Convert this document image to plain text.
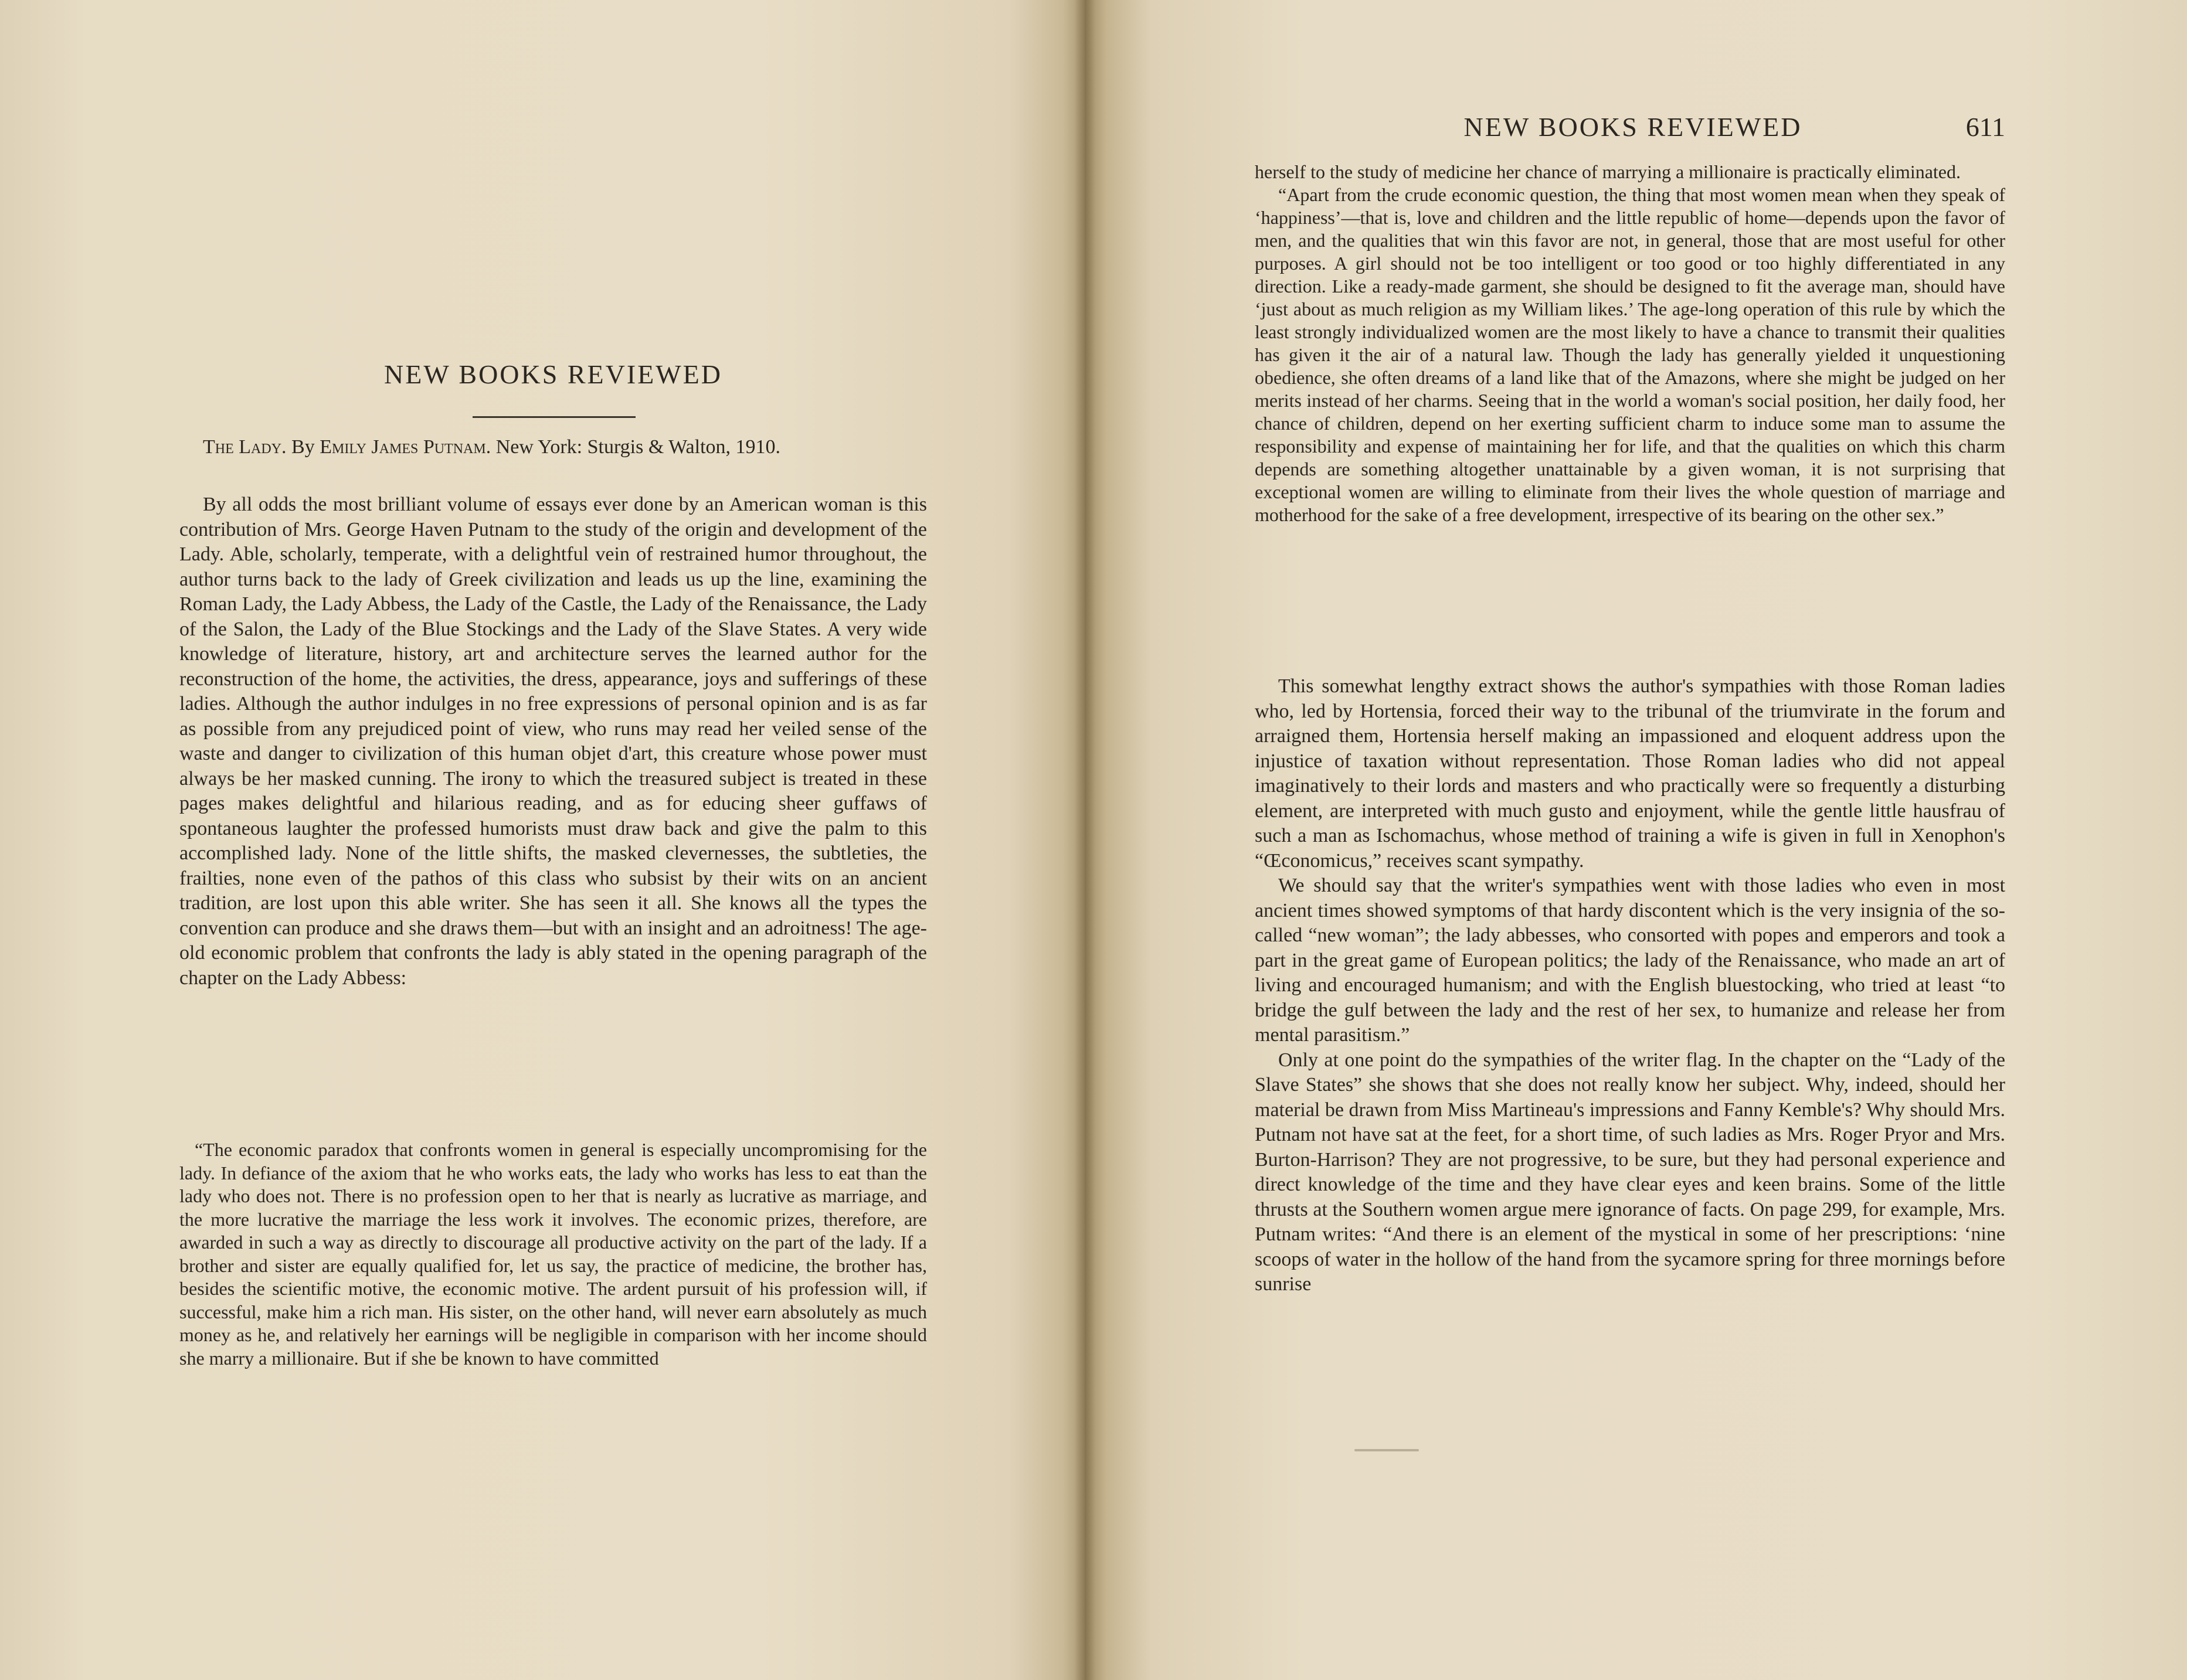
NEW BOOKS REVIEWED

The Lady. By Emily James Putnam. New York: Sturgis & Walton, 1910.

By all odds the most brilliant volume of essays ever done by an American woman is this contribution of Mrs. George Haven Putnam to the study of the origin and development of the Lady. Able, scholarly, temperate, with a delightful vein of restrained humor throughout, the author turns back to the lady of Greek civilization and leads us up the line, examining the Roman Lady, the Lady Abbess, the Lady of the Castle, the Lady of the Renaissance, the Lady of the Salon, the Lady of the Blue Stockings and the Lady of the Slave States. A very wide knowledge of literature, history, art and architecture serves the learned author for the reconstruction of the home, the activities, the dress, appearance, joys and sufferings of these ladies. Although the author indulges in no free expressions of personal opinion and is as far as possible from any prejudiced point of view, who runs may read her veiled sense of the waste and danger to civilization of this human objet d'art, this creature whose power must always be her masked cunning. The irony to which the treasured subject is treated in these pages makes delightful and hilarious reading, and as for educing sheer guffaws of spontaneous laughter the professed humorists must draw back and give the palm to this accomplished lady. None of the little shifts, the masked clevernesses, the subtleties, the frailties, none even of the pathos of this class who subsist by their wits on an ancient tradition, are lost upon this able writer. She has seen it all. She knows all the types the convention can produce and she draws them—but with an insight and an adroitness! The age-old economic problem that confronts the lady is ably stated in the opening paragraph of the chapter on the Lady Abbess:

“The economic paradox that confronts women in general is especially uncompromising for the lady. In defiance of the axiom that he who works eats, the lady who works has less to eat than the lady who does not. There is no profession open to her that is nearly as lucrative as marriage, and the more lucrative the marriage the less work it involves. The economic prizes, therefore, are awarded in such a way as directly to discourage all productive activity on the part of the lady. If a brother and sister are equally qualified for, let us say, the practice of medicine, the brother has, besides the scientific motive, the economic motive. The ardent pursuit of his profession will, if successful, make him a rich man. His sister, on the other hand, will never earn absolutely as much money as he, and relatively her earnings will be negligible in comparison with her income should she marry a millionaire. But if she be known to have committed

NEW BOOKS REVIEWED	611

herself to the study of medicine her chance of marrying a millionaire is practically eliminated.

“Apart from the crude economic question, the thing that most women mean when they speak of ‘happiness’—that is, love and children and the little republic of home—depends upon the favor of men, and the qualities that win this favor are not, in general, those that are most useful for other purposes. A girl should not be too intelligent or too good or too highly differentiated in any direction. Like a ready-made garment, she should be designed to fit the average man, should have ‘just about as much religion as my William likes.’ The age-long operation of this rule by which the least strongly individualized women are the most likely to have a chance to transmit their qualities has given it the air of a natural law. Though the lady has generally yielded it unquestioning obedience, she often dreams of a land like that of the Amazons, where she might be judged on her merits instead of her charms. Seeing that in the world a woman's social position, her daily food, her chance of children, depend on her exerting sufficient charm to induce some man to assume the responsibility and expense of maintaining her for life, and that the qualities on which this charm depends are something altogether unattainable by a given woman, it is not surprising that exceptional women are willing to eliminate from their lives the whole question of marriage and motherhood for the sake of a free development, irrespective of its bearing on the other sex.”

This somewhat lengthy extract shows the author's sympathies with those Roman ladies who, led by Hortensia, forced their way to the tribunal of the triumvirate in the forum and arraigned them, Hortensia herself making an impassioned and eloquent address upon the injustice of taxation without representation. Those Roman ladies who did not appeal imaginatively to their lords and masters and who practically were so frequently a disturbing element, are interpreted with much gusto and enjoyment, while the gentle little hausfrau of such a man as Ischomachus, whose method of training a wife is given in full in Xenophon's “Œconomicus,” receives scant sympathy.

We should say that the writer's sympathies went with those ladies who even in most ancient times showed symptoms of that hardy discontent which is the very insignia of the so-called “new woman”; the lady abbesses, who consorted with popes and emperors and took a part in the great game of European politics; the lady of the Renaissance, who made an art of living and encouraged humanism; and with the English bluestocking, who tried at least “to bridge the gulf between the lady and the rest of her sex, to humanize and release her from mental parasitism.”

Only at one point do the sympathies of the writer flag. In the chapter on the “Lady of the Slave States” she shows that she does not really know her subject. Why, indeed, should her material be drawn from Miss Martineau's impressions and Fanny Kemble's? Why should Mrs. Putnam not have sat at the feet, for a short time, of such ladies as Mrs. Roger Pryor and Mrs. Burton-Harrison? They are not progressive, to be sure, but they had personal experience and direct knowledge of the time and they have clear eyes and keen brains. Some of the little thrusts at the Southern women argue mere ignorance of facts. On page 299, for example, Mrs. Putnam writes: “And there is an element of the mystical in some of her prescriptions: ‘nine scoops of water in the hollow of the hand from the sycamore spring for three mornings before sunrise
